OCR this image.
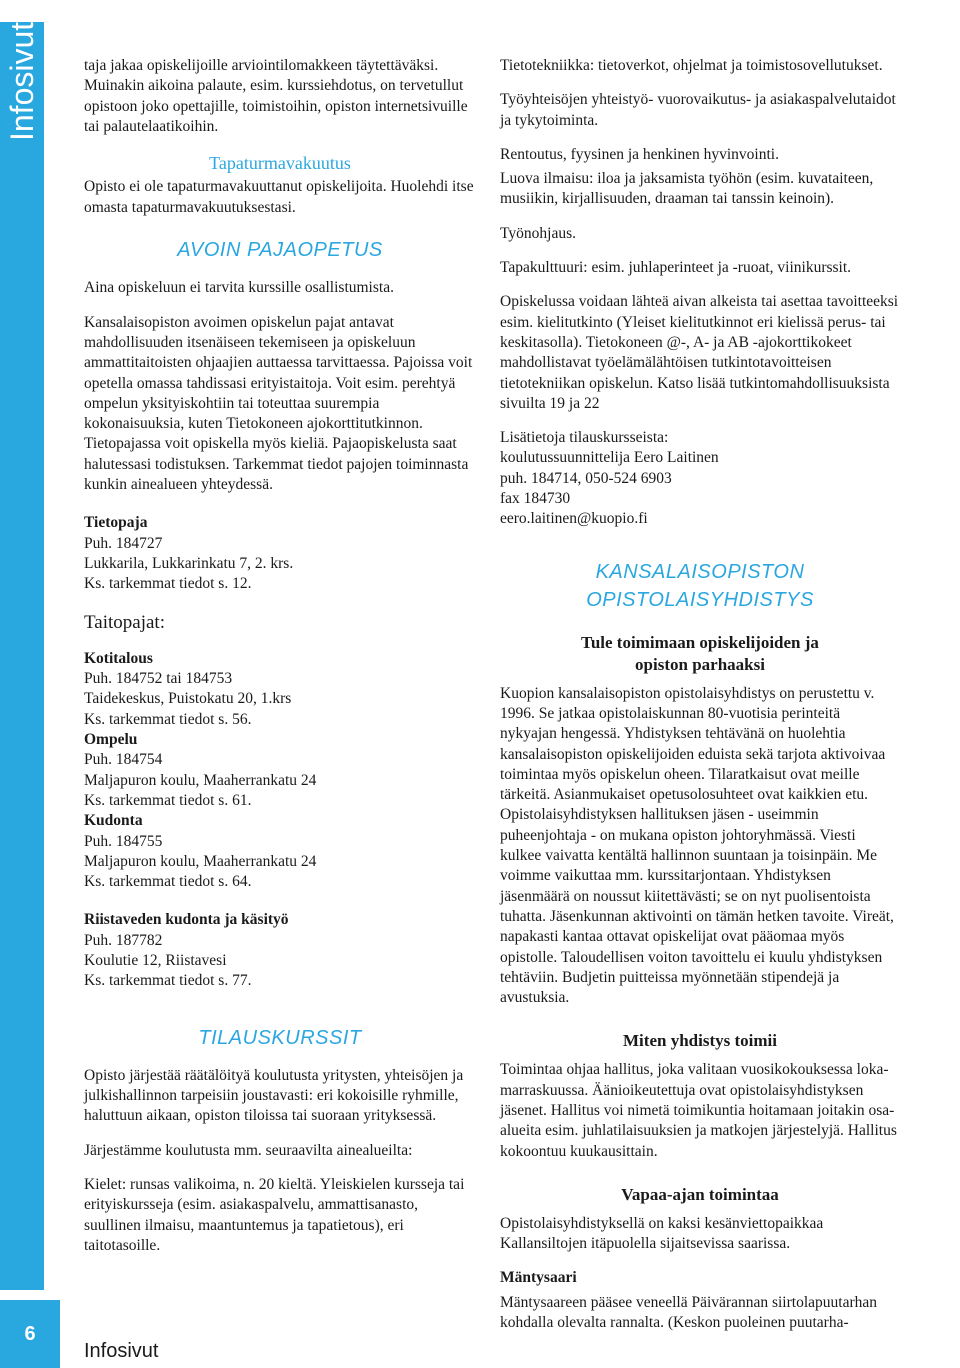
Infosivut
6
Infosivut

taja jakaa opiskelijoille arviointilomakkeen täytettäväksi. Muinakin aikoina palaute, esim. kurssiehdotus, on tervetullut opistoon joko opettajille, toimistoihin, opiston internetsivuille tai palautelaatikoihin.

Tapaturmavakuutus

Opisto ei ole tapaturmavakuuttanut opiskelijoita. Huolehdi itse omasta tapaturmavakuutuksestasi.

AVOIN PAJAOPETUS

Aina opiskeluun ei tarvita kurssille osallistumista.

Kansalaisopiston avoimen opiskelun pajat antavat mahdollisuuden itsenäiseen tekemiseen ja opiskeluun ammattitaitoisten ohjaajien auttaessa tarvittaessa. Pajoissa voit opetella omassa tahdissasi erityistaitoja. Voit esim. perehtyä ompelun yksityiskohtiin tai toteuttaa suurempia kokonaisuuksia, kuten Tietokoneen ajokorttitutkinnon. Tietopajassa voit opiskella myös kieliä. Pajaopiskelusta saat halutessasi todistuksen. Tarkemmat tiedot pajojen toiminnasta kunkin ainealueen yhteydessä.

Tietopaja
Puh. 184727
Lukkarila, Lukkarinkatu 7, 2. krs.
Ks. tarkemmat tiedot s. 12.
Taitopajat:
Kotitalous
Puh. 184752 tai 184753
Taidekeskus, Puistokatu 20, 1.krs
Ks. tarkemmat tiedot s. 56.
Ompelu
Puh. 184754
Maljapuron koulu, Maaherrankatu 24
Ks. tarkemmat tiedot s. 61.
Kudonta
Puh. 184755
Maljapuron koulu, Maaherrankatu 24
Ks. tarkemmat tiedot s. 64.
Riistaveden kudonta ja käsityö
Puh. 187782
Koulutie 12, Riistavesi
Ks. tarkemmat tiedot s. 77.
TILAUSKURSSIT

Opisto järjestää räätälöityä koulutusta yritysten, yhteisöjen ja julkishallinnon tarpeisiin joustavasti: eri kokoisille ryhmille, haluttuun aikaan, opiston tiloissa tai suoraan yrityksessä.

Järjestämme koulutusta mm. seuraavilta ainealueilta:

Kielet: runsas valikoima, n. 20 kieltä. Yleiskielen kursseja tai erityiskursseja (esim. asiakaspalvelu, ammattisanasto, suullinen ilmaisu, maantuntemus ja tapatietous), eri taitotasoille.

Tietotekniikka: tietoverkot, ohjelmat ja toimistosovellutukset.

Työyhteisöjen yhteistyö- vuorovaikutus- ja asiakaspalvelutaidot ja tykytoiminta.

Rentoutus, fyysinen ja henkinen hyvinvointi.

Luova ilmaisu: iloa ja jaksamista työhön (esim. kuvataiteen, musiikin, kirjallisuuden, draaman tai tanssin keinoin).

Työnohjaus.

Tapakulttuuri: esim. juhlaperinteet ja -ruoat, viinikurssit.

Opiskelussa voidaan lähteä aivan alkeista tai asettaa tavoitteeksi esim. kielitutkinto (Yleiset kielitutkinnot eri kielissä perus- tai keskitasolla). Tietokoneen @-, A- ja AB -ajokorttikokeet mahdollistavat työelämälähtöisen tutkintotavoitteisen tietotekniikan opiskelun. Katso lisää tutkintomahdollisuuksista sivuilta 19 ja 22

Lisätietoja tilauskursseista:
koulutussuunnittelija Eero Laitinen
puh. 184714, 050-524 6903
fax 184730
eero.laitinen@kuopio.fi
KANSALAISOPISTON
OPISTOLAISYHDISTYS
Tule toimimaan opiskelijoiden ja
opiston parhaaksi

Kuopion kansalaisopiston opistolaisyhdistys on perustettu v. 1996. Se jatkaa opistolaiskunnan 80-vuotisia perinteitä nykyajan hengessä. Yhdistyksen tehtävänä on huolehtia kansalaisopiston opiskelijoiden eduista sekä tarjota aktivoivaa toimintaa myös opiskelun oheen. Tilaratkaisut ovat meille tärkeitä. Asianmukaiset opetusolosuhteet ovat kaikkien etu. Opistolaisyhdistyksen hallituksen jäsen - useimmin puheenjohtaja - on mukana opiston johtoryhmässä. Viesti kulkee vaivatta kentältä hallinnon suuntaan ja toisinpäin. Me voimme vaikuttaa mm. kurssitarjontaan. Yhdistyksen jäsenmäärä on noussut kiitettävästi; se on nyt puolisentoista tuhatta. Jäsenkunnan aktivointi on tämän hetken tavoite. Vireät, napakasti kantaa ottavat opiskelijat ovat pääomaa myös opistolle. Taloudellisen voiton tavoittelu ei kuulu yhdistyksen tehtäviin. Budjetin puitteissa myönnetään stipendejä ja avustuksia.

Miten yhdistys toimii

Toimintaa ohjaa hallitus, joka valitaan vuosikokouksessa loka-marraskuussa. Äänioikeutettuja ovat opistolaisyhdistyksen jäsenet. Hallitus voi nimetä toimikuntia hoitamaan joitakin osa-alueita esim. juhlatilaisuuksien ja matkojen järjestelyjä. Hallitus kokoontuu kuukausittain.

Vapaa-ajan toimintaa

Opistolaisyhdistyksellä on kaksi kesänviettopaikkaa Kallansiltojen itäpuolella sijaitsevissa saarissa.

Mäntysaari

Mäntysaareen pääsee veneellä Päivärannan siirtolapuutarhan kohdalla olevalta rannalta. (Keskon puoleinen puutarha-
